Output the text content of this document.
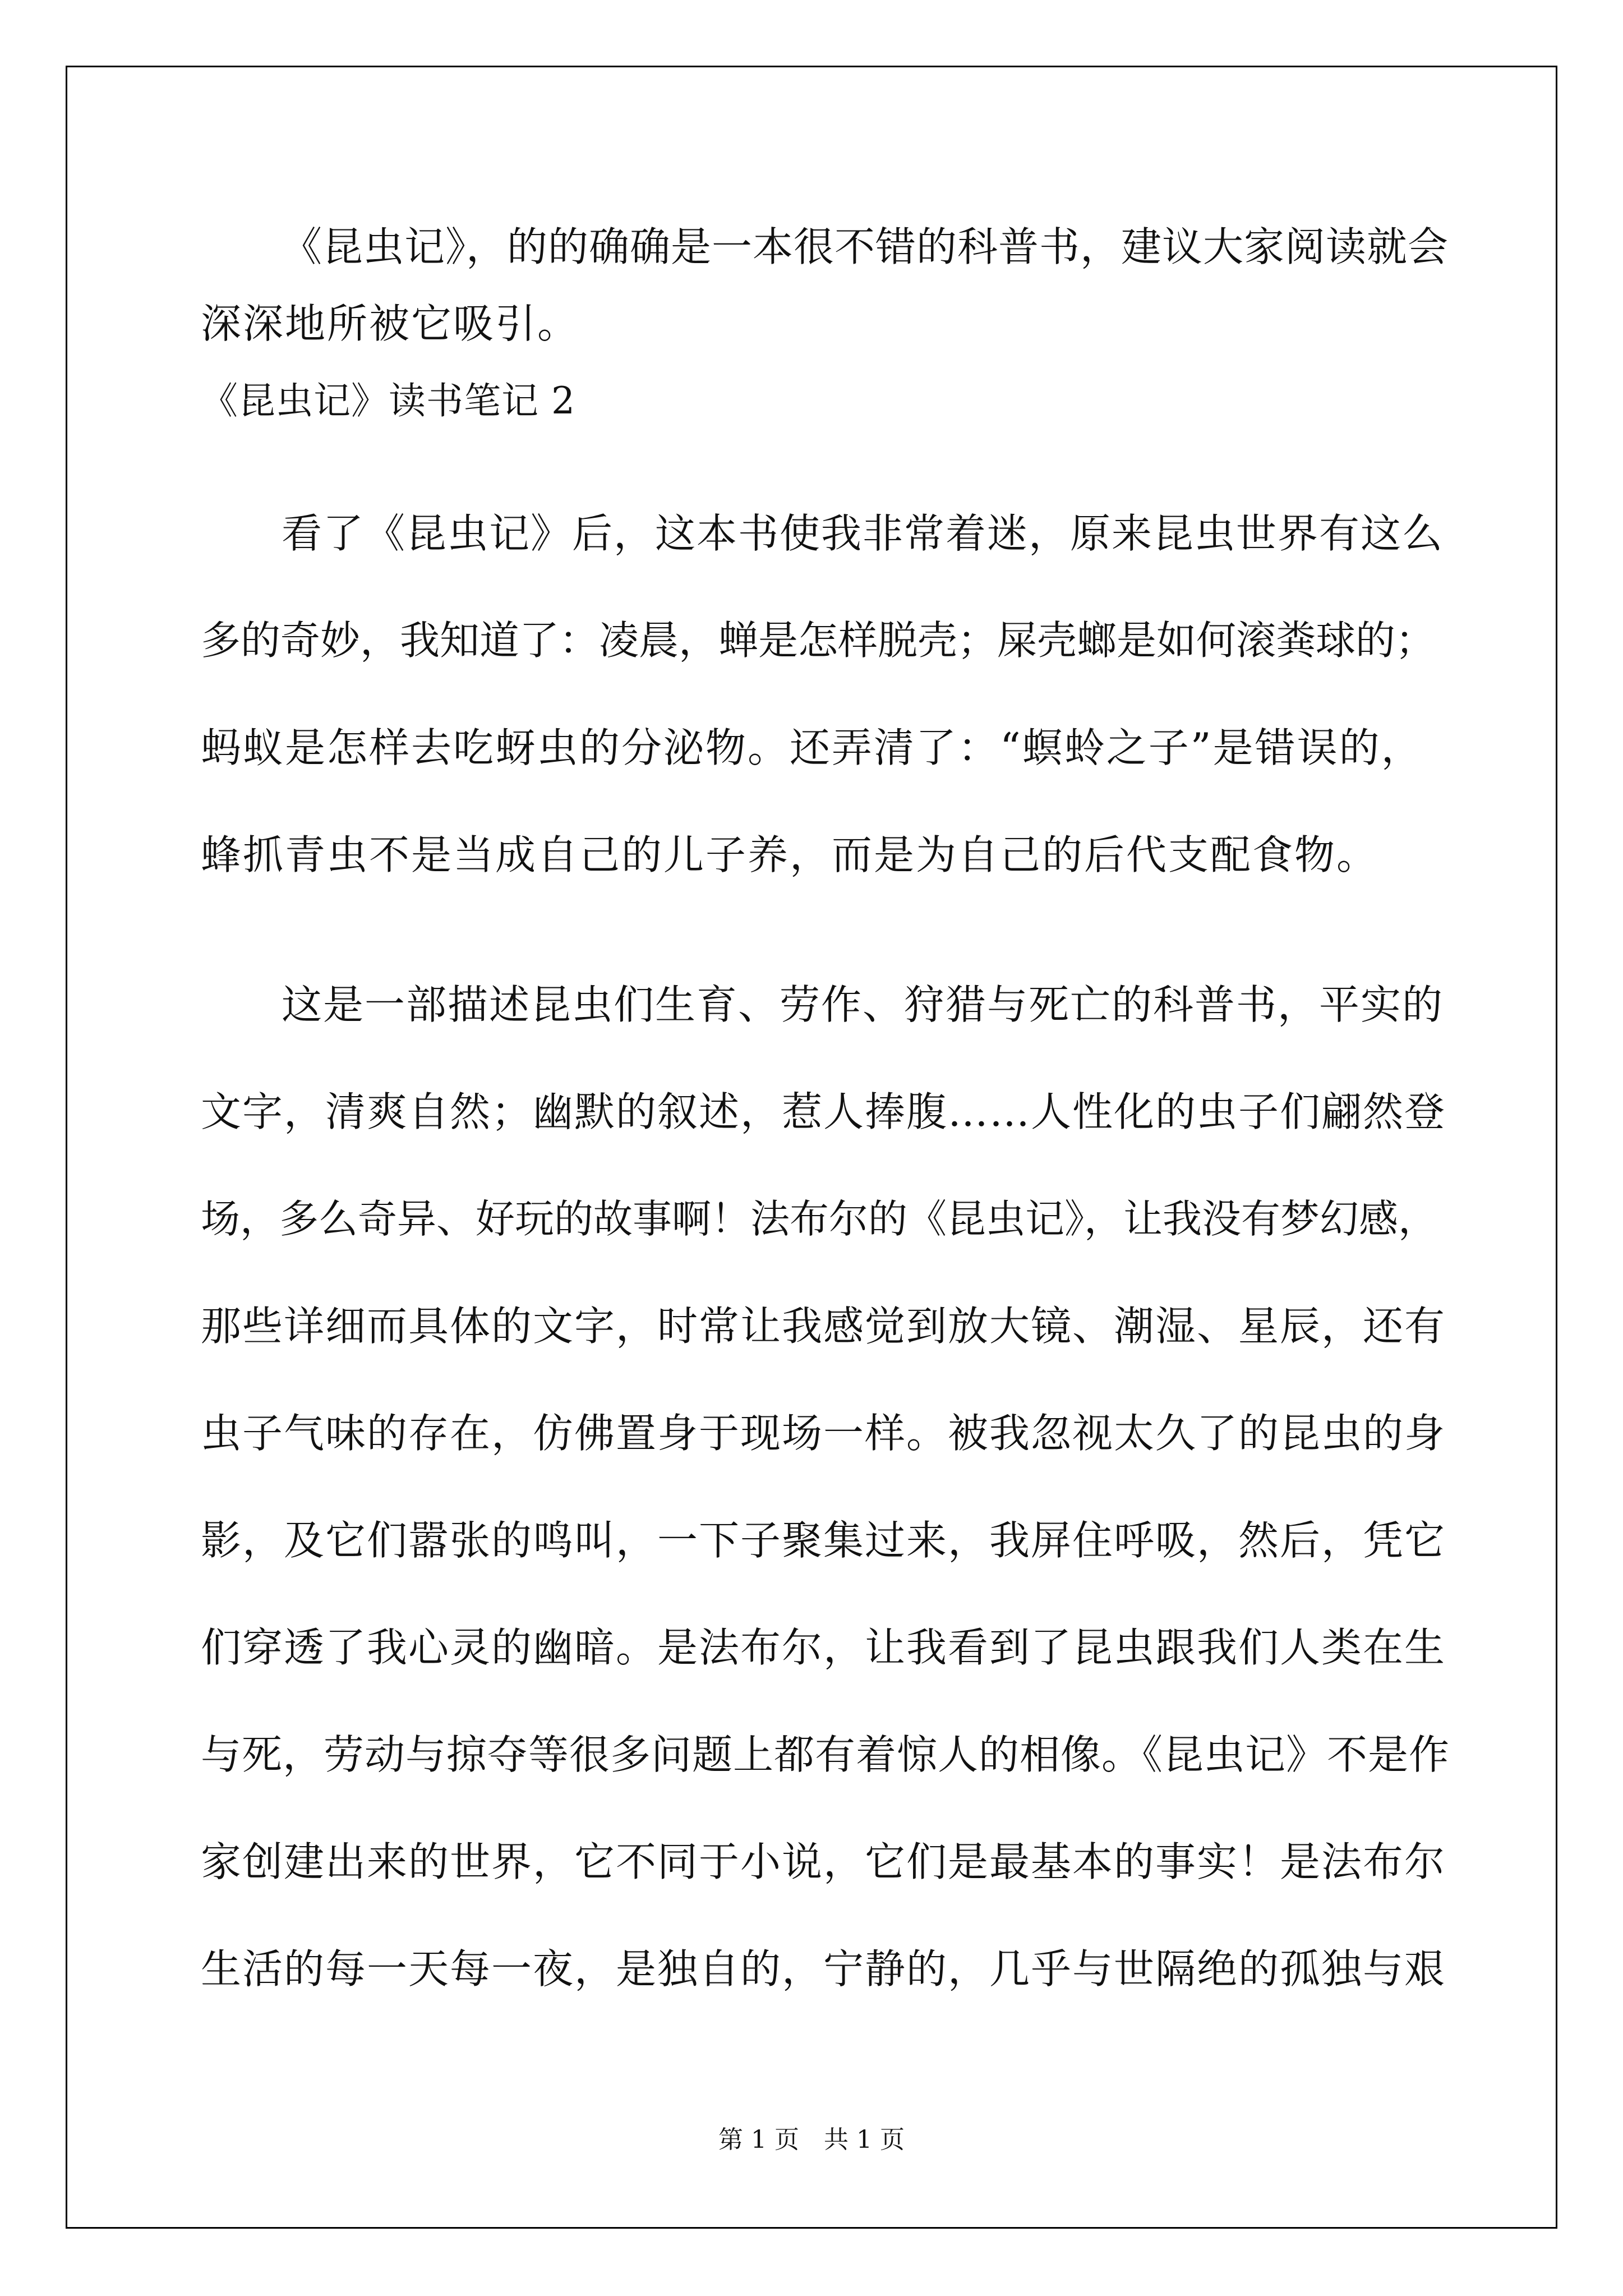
《昆虫记》，的的确确是一本很不错的科普书，建议大家阅读就会
深深地所被它吸引。
《昆虫记》读书笔记 2
看了《昆虫记》后，这本书使我非常着迷，原来昆虫世界有这么
多的奇妙，我知道了：凌晨，蝉是怎样脱壳；屎壳螂是如何滚粪球的；
蚂蚁是怎样去吃蚜虫的分泌物。还弄清了：“螟蛉之子”是错误的，
蜂抓青虫不是当成自己的儿子养，而是为自己的后代支配食物。
这是一部描述昆虫们生育、劳作、狩猎与死亡的科普书，平实的
文字，清爽自然；幽默的叙述，惹人捧腹……人性化的虫子们翩然登
场，多么奇异、好玩的故事啊！法布尔的《昆虫记》，让我没有梦幻感，
那些详细而具体的文字，时常让我感觉到放大镜、潮湿、星辰，还有
虫子气味的存在，仿佛置身于现场一样。被我忽视太久了的昆虫的身
影，及它们嚣张的鸣叫，一下子聚集过来，我屏住呼吸，然后，凭它
们穿透了我心灵的幽暗。是法布尔，让我看到了昆虫跟我们人类在生
与死，劳动与掠夺等很多问题上都有着惊人的相像。《昆虫记》不是作
家创建出来的世界，它不同于小说，它们是最基本的事实！是法布尔
生活的每一天每一夜，是独自的，宁静的，几乎与世隔绝的孤独与艰
第 1 页　共 1 页
